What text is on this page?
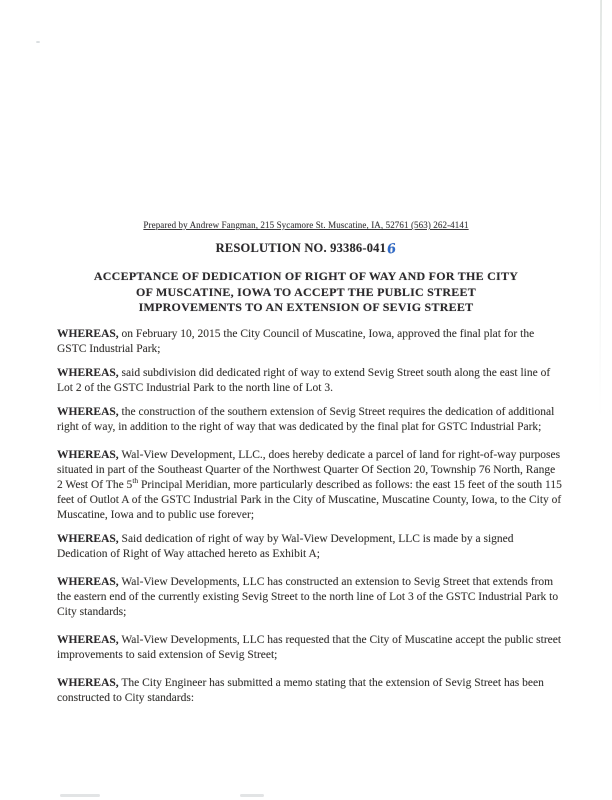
Prepared by Andrew Fangman, 215 Sycamore St. Muscatine, IA, 52761 (563) 262-4141
RESOLUTION NO. 93386-0416
ACCEPTANCE OF DEDICATION OF RIGHT OF WAY AND FOR THE CITY
OF MUSCATINE, IOWA TO ACCEPT THE PUBLIC STREET
IMPROVEMENTS TO AN EXTENSION OF SEVIG STREET

WHEREAS, on February 10, 2015 the City Council of Muscatine, Iowa, approved the final plat for the GSTC Industrial Park;

WHEREAS, said subdivision did dedicated right of way to extend Sevig Street south along the east line of Lot 2 of the GSTC Industrial Park to the north line of Lot 3.

WHEREAS, the construction of the southern extension of Sevig Street requires the dedication of additional right of way, in addition to the right of way that was dedicated by the final plat for GSTC Industrial Park;

WHEREAS, Wal-View Development, LLC., does hereby dedicate a parcel of land for right-of-way purposes situated in part of the Southeast Quarter of the Northwest Quarter Of Section 20, Township 76 North, Range 2 West Of The 5th Principal Meridian, more particularly described as follows: the east 15 feet of the south 115 feet of Outlot A of the GSTC Industrial Park in the City of Muscatine, Muscatine County, Iowa, to the City of Muscatine, Iowa and to public use forever;

WHEREAS, Said dedication of right of way by Wal-View Development, LLC is made by a signed Dedication of Right of Way attached hereto as Exhibit A;

WHEREAS, Wal-View Developments, LLC has constructed an extension to Sevig Street that extends from the eastern end of the currently existing Sevig Street to the north line of Lot 3 of the GSTC Industrial Park to City standards;

WHEREAS, Wal-View Developments, LLC has requested that the City of Muscatine accept the public street improvements to said extension of Sevig Street;

WHEREAS, The City Engineer has submitted a memo stating that the extension of Sevig Street has been constructed to City standards:
